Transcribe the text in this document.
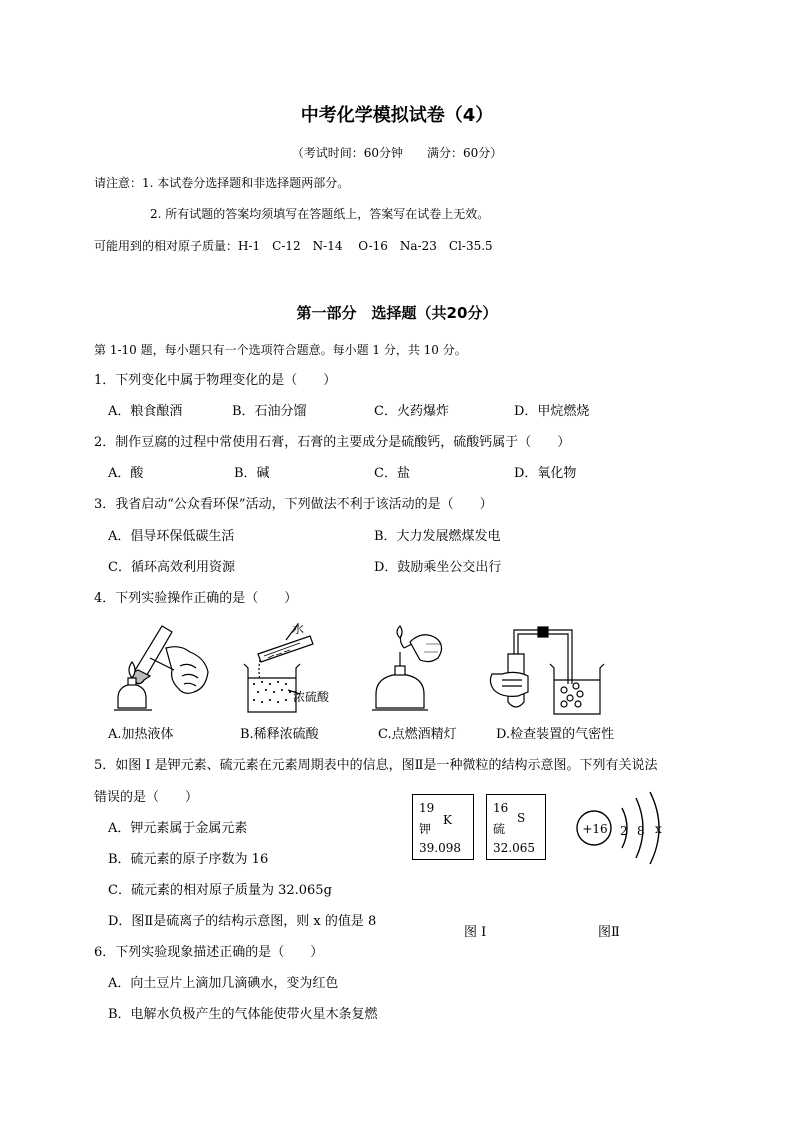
中考化学模拟试卷（4）
（考试时间：60分钟　　满分：60分）
请注意：1. 本试卷分选择题和非选择题两部分。
2. 所有试题的答案均须填写在答题纸上，答案写在试卷上无效。
可能用到的相对原子质量：H-1　C-12　N-14　 O-16　Na-23　Cl-35.5
第一部分　选择题（共20分）
第 1-10 题，每小题只有一个选项符合题意。每小题 1 分，共 10 分。
1．下列变化中属于物理变化的是（　　）
A．粮食酿酒	B．石油分馏	C．火药爆炸	D．甲烷燃烧
2．制作豆腐的过程中常使用石膏，石膏的主要成分是硫酸钙，硫酸钙属于（　　）
A．酸	B．碱	C．盐	D．氧化物
3．我省启动“公众看环保”活动，下列做法不利于该活动的是（　　）
A．倡导环保低碳生活	B．大力发展燃煤发电
C．循环高效利用资源	D．鼓励乘坐公交出行
4．下列实验操作正确的是（　　）
水
浓硫酸
A.加热液体	B.稀释浓硫酸	C.点燃酒精灯	D.检查装置的气密性
5．如图 I 是钾元素、硫元素在元素周期表中的信息，图Ⅱ是一种微粒的结构示意图。下列有关说法
错误的是（　　）
A．钾元素属于金属元素
B．硫元素的原子序数为 16
C．硫元素的相对原子质量为 32.065g
D．图Ⅱ是硫离子的结构示意图，则 x 的值是 8
19
钾
K
39.098
16
硫
S
32.065
+16 2 8 x
图 I	图Ⅱ
6．下列实验现象描述正确的是（　　）
A．向土豆片上滴加几滴碘水，变为红色
B．电解水负极产生的气体能使带火星木条复燃
